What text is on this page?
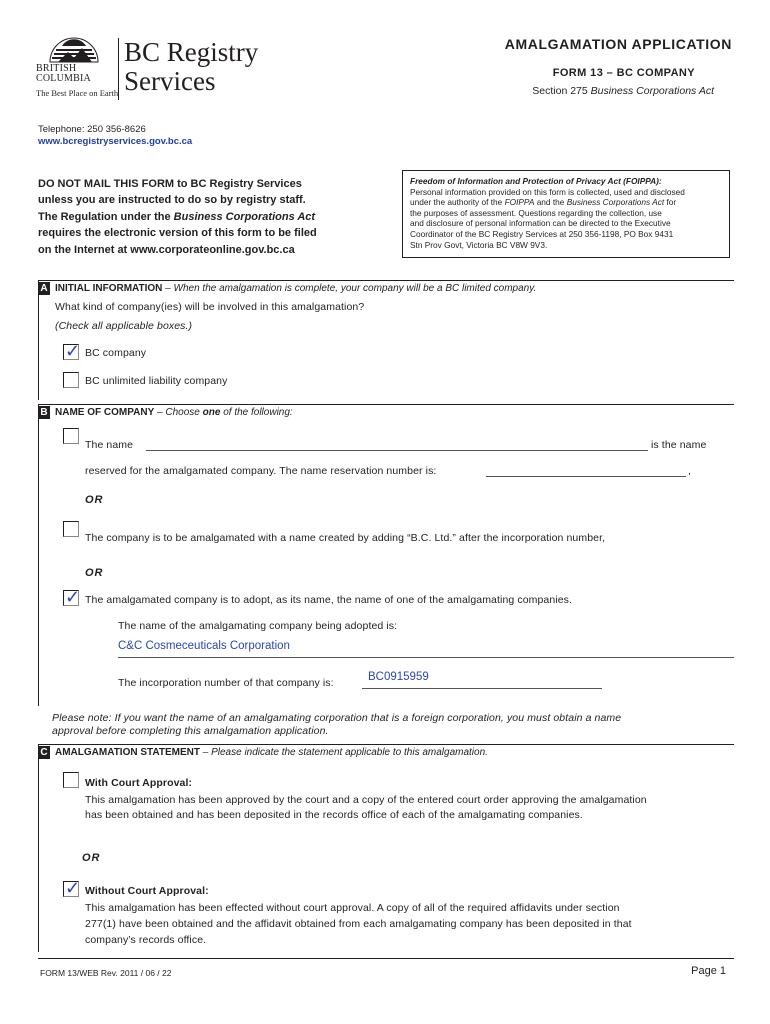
BRITISH
COLUMBIA
The Best Place on Earth
BC Registry
Services
AMALGAMATION APPLICATION
FORM 13 – BC COMPANY
Section 275 Business Corporations Act
Telephone: 250 356-8626
www.bcregistryservices.gov.bc.ca
DO NOT MAIL THIS FORM to BC Registry Services
unless you are instructed to do so by registry staff.
The Regulation under the Business Corporations Act
requires the electronic version of this form to be filed
on the Internet at www.corporateonline.gov.bc.ca
Freedom of Information and Protection of Privacy Act (FOIPPA):
Personal information provided on this form is collected, used and disclosed
under the authority of the FOIPPA and the Business Corporations Act for
the purposes of assessment. Questions regarding the collection, use
and disclosure of personal information can be directed to the Executive
Coordinator of the BC Registry Services at 250 356-1198, PO Box 9431
Stn Prov Govt, Victoria BC V8W 9V3.
A INITIAL INFORMATION – When the amalgamation is complete, your company will be a BC limited company.
What kind of company(ies) will be involved in this amalgamation?
(Check all applicable boxes.)
✓ BC company
BC unlimited liability company
B NAME OF COMPANY – Choose one of the following:
The name	is the name
reserved for the amalgamated company. The name reservation number is:	,
OR
The company is to be amalgamated with a name created by adding “B.C. Ltd.” after the incorporation number,
OR
✓ The amalgamated company is to adopt, as its name, the name of one of the amalgamating companies.
The name of the amalgamating company being adopted is:
C&C Cosmeceuticals Corporation
The incorporation number of that company is:	BC0915959
Please note: If you want the name of an amalgamating corporation that is a foreign corporation, you must obtain a name
approval before completing this amalgamation application.
C AMALGAMATION STATEMENT – Please indicate the statement applicable to this amalgamation.
With Court Approval:
This amalgamation has been approved by the court and a copy of the entered court order approving the amalgamation
has been obtained and has been deposited in the records office of each of the amalgamating companies.
OR
✓ Without Court Approval:
This amalgamation has been effected without court approval. A copy of all of the required affidavits under section
277(1) have been obtained and the affidavit obtained from each amalgamating company has been deposited in that
company’s records office.
FORM 13/WEB Rev. 2011 / 06 / 22	Page 1
